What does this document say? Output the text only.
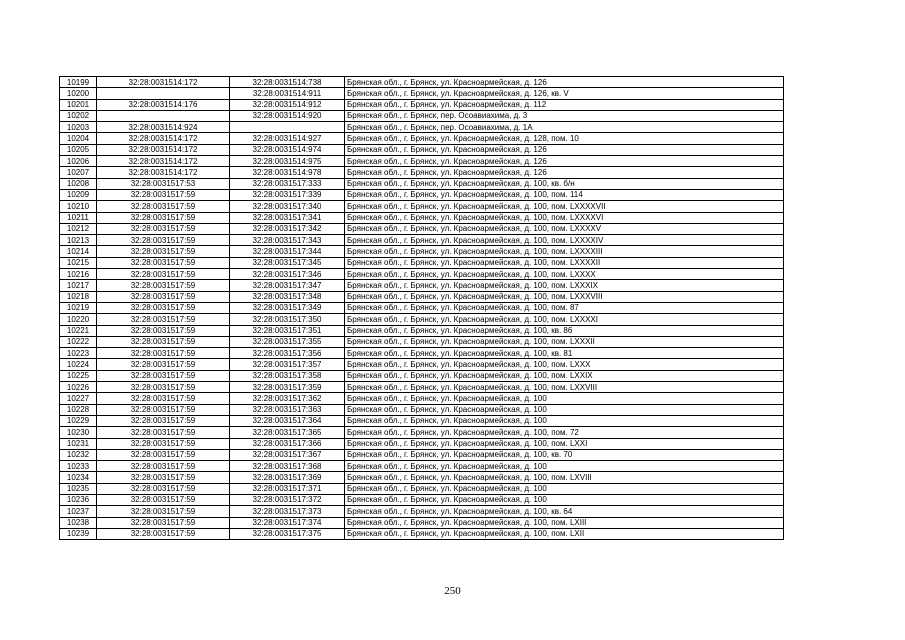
10199	32:28:0031514:172	32:28:0031514:738	Брянская обл., г. Брянск, ул. Красноармейская, д. 126
10200		32:28:0031514:911	Брянская обл., г. Брянск, ул. Красноармейская, д. 126, кв. V
10201	32:28:0031514:176	32:28:0031514:912	Брянская обл., г. Брянск, ул. Красноармейская, д. 112
10202		32:28:0031514:920	Брянская обл., г. Брянск, пер. Осоавиахима, д. 3
10203	32:28:0031514:924		Брянская обл., г. Брянск, пер. Осоавиахима, д. 1А
10204	32:28:0031514:172	32:28:0031514:927	Брянская обл., г. Брянск, ул. Красноармейская, д. 128, пом. 10
10205	32:28:0031514:172	32:28:0031514:974	Брянская обл., г. Брянск, ул. Красноармейская, д. 126
10206	32:28:0031514:172	32:28:0031514:975	Брянская обл., г. Брянск, ул. Красноармейская, д. 126
10207	32:28:0031514:172	32:28:0031514:978	Брянская обл., г. Брянск, ул. Красноармейская, д. 126
10208	32:28:0031517:53	32:28:0031517:333	Брянская обл., г. Брянск, ул. Красноармейская, д. 100, кв. б/н
10209	32:28:0031517:59	32:28:0031517:339	Брянская обл., г. Брянск, ул. Красноармейская, д. 100, пом. 114
10210	32:28:0031517:59	32:28:0031517:340	Брянская обл., г. Брянск, ул. Красноармейская, д. 100, пом. LXXXXVII
10211	32:28:0031517:59	32:28:0031517:341	Брянская обл., г. Брянск, ул. Красноармейская, д. 100, пом. LXXXXVI
10212	32:28:0031517:59	32:28:0031517:342	Брянская обл., г. Брянск, ул. Красноармейская, д. 100, пом. LXXXXV
10213	32:28:0031517:59	32:28:0031517:343	Брянская обл., г. Брянск, ул. Красноармейская, д. 100, пом. LXXXXIV
10214	32:28:0031517:59	32:28:0031517:344	Брянская обл., г. Брянск, ул. Красноармейская, д. 100, пом. LXXXXIII
10215	32:28:0031517:59	32:28:0031517:345	Брянская обл., г. Брянск, ул. Красноармейская, д. 100, пом. LXXXXII
10216	32:28:0031517:59	32:28:0031517:346	Брянская обл., г. Брянск, ул. Красноармейская, д. 100, пом. LXXXX
10217	32:28:0031517:59	32:28:0031517:347	Брянская обл., г. Брянск, ул. Красноармейская, д. 100, пом. LXXXIX
10218	32:28:0031517:59	32:28:0031517:348	Брянская обл., г. Брянск, ул. Красноармейская, д. 100, пом. LXXXVIII
10219	32:28:0031517:59	32:28:0031517:349	Брянская обл., г. Брянск, ул. Красноармейская, д. 100, пом. 87
10220	32:28:0031517:59	32:28:0031517:350	Брянская обл., г. Брянск, ул. Красноармейская, д. 100, пом. LXXXXI
10221	32:28:0031517:59	32:28:0031517:351	Брянская обл., г. Брянск, ул. Красноармейская, д. 100, кв. 86
10222	32:28:0031517:59	32:28:0031517:355	Брянская обл., г. Брянск, ул. Красноармейская, д. 100, пом. LXXXII
10223	32:28:0031517:59	32:28:0031517:356	Брянская обл., г. Брянск, ул. Красноармейская, д. 100, кв. 81
10224	32:28:0031517:59	32:28:0031517:357	Брянская обл., г. Брянск, ул. Красноармейская, д. 100, пом. LXXX
10225	32:28:0031517:59	32:28:0031517:358	Брянская обл., г. Брянск, ул. Красноармейская, д. 100, пом. LXXIX
10226	32:28:0031517:59	32:28:0031517:359	Брянская обл., г. Брянск, ул. Красноармейская, д. 100, пом. LXXVIII
10227	32:28:0031517:59	32:28:0031517:362	Брянская обл., г. Брянск, ул. Красноармейская, д. 100
10228	32:28:0031517:59	32:28:0031517:363	Брянская обл., г. Брянск, ул. Красноармейская, д. 100
10229	32:28:0031517:59	32:28:0031517:364	Брянская обл., г. Брянск, ул. Красноармейская, д. 100
10230	32:28:0031517:59	32:28:0031517:365	Брянская обл., г. Брянск, ул. Красноармейская, д. 100, пом. 72
10231	32:28:0031517:59	32:28:0031517:366	Брянская обл., г. Брянск, ул. Красноармейская, д. 100, пом. LXXI
10232	32:28:0031517:59	32:28:0031517:367	Брянская обл., г. Брянск, ул. Красноармейская, д. 100, кв. 70
10233	32:28:0031517:59	32:28:0031517:368	Брянская обл., г. Брянск, ул. Красноармейская, д. 100
10234	32:28:0031517:59	32:28:0031517:369	Брянская обл., г. Брянск, ул. Красноармейская, д. 100, пом. LXVIII
10235	32:28:0031517:59	32:28:0031517:371	Брянская обл., г. Брянск, ул. Красноармейская, д. 100
10236	32:28:0031517:59	32:28:0031517:372	Брянская обл., г. Брянск, ул. Красноармейская, д. 100
10237	32:28:0031517:59	32:28:0031517:373	Брянская обл., г. Брянск, ул. Красноармейская, д. 100, кв. 64
10238	32:28:0031517:59	32:28:0031517:374	Брянская обл., г. Брянск, ул. Красноармейская, д. 100, пом. LXIII
10239	32:28:0031517:59	32:28:0031517:375	Брянская обл., г. Брянск, ул. Красноармейская, д. 100, пом. LXII
250
